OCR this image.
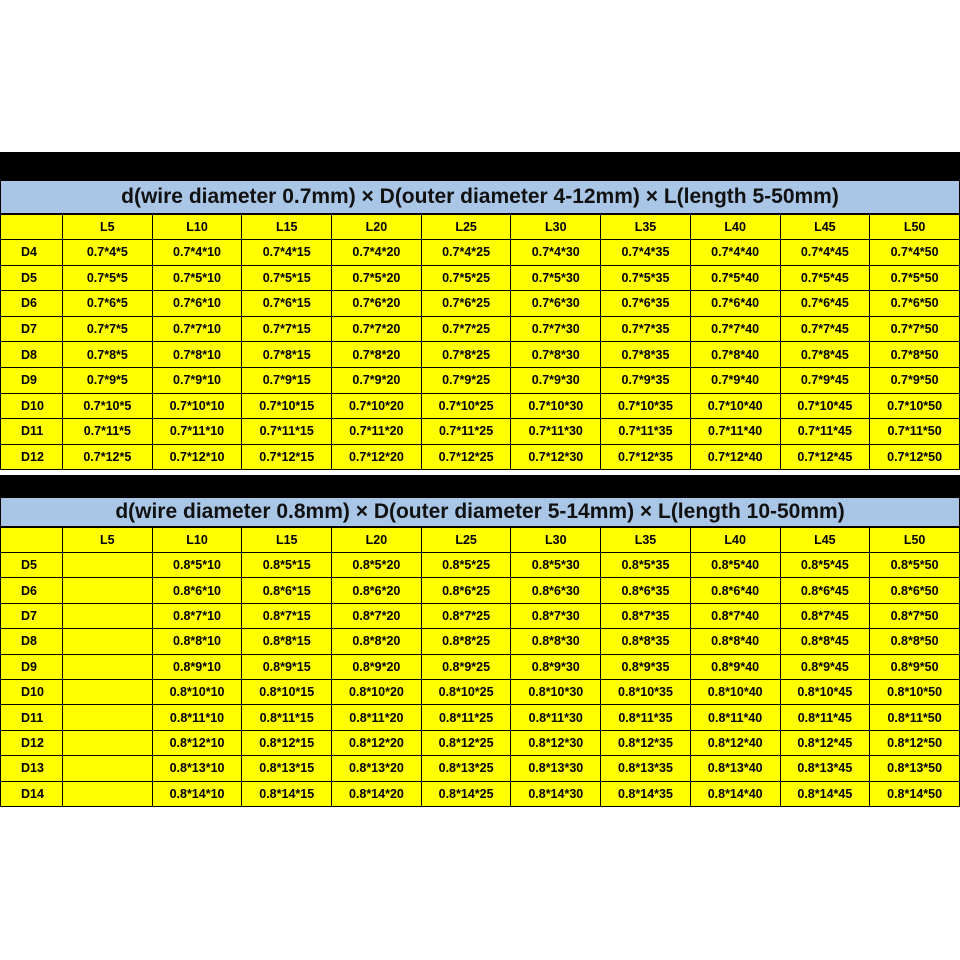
d(wire diameter 0.7mm) × D(outer diameter 4-12mm) × L(length 5-50mm)
	L5	L10	L15	L20	L25	L30	L35	L40	L45	L50
D4	0.7*4*5	0.7*4*10	0.7*4*15	0.7*4*20	0.7*4*25	0.7*4*30	0.7*4*35	0.7*4*40	0.7*4*45	0.7*4*50
D5	0.7*5*5	0.7*5*10	0.7*5*15	0.7*5*20	0.7*5*25	0.7*5*30	0.7*5*35	0.7*5*40	0.7*5*45	0.7*5*50
D6	0.7*6*5	0.7*6*10	0.7*6*15	0.7*6*20	0.7*6*25	0.7*6*30	0.7*6*35	0.7*6*40	0.7*6*45	0.7*6*50
D7	0.7*7*5	0.7*7*10	0.7*7*15	0.7*7*20	0.7*7*25	0.7*7*30	0.7*7*35	0.7*7*40	0.7*7*45	0.7*7*50
D8	0.7*8*5	0.7*8*10	0.7*8*15	0.7*8*20	0.7*8*25	0.7*8*30	0.7*8*35	0.7*8*40	0.7*8*45	0.7*8*50
D9	0.7*9*5	0.7*9*10	0.7*9*15	0.7*9*20	0.7*9*25	0.7*9*30	0.7*9*35	0.7*9*40	0.7*9*45	0.7*9*50
D10	0.7*10*5	0.7*10*10	0.7*10*15	0.7*10*20	0.7*10*25	0.7*10*30	0.7*10*35	0.7*10*40	0.7*10*45	0.7*10*50
D11	0.7*11*5	0.7*11*10	0.7*11*15	0.7*11*20	0.7*11*25	0.7*11*30	0.7*11*35	0.7*11*40	0.7*11*45	0.7*11*50
D12	0.7*12*5	0.7*12*10	0.7*12*15	0.7*12*20	0.7*12*25	0.7*12*30	0.7*12*35	0.7*12*40	0.7*12*45	0.7*12*50
d(wire diameter 0.8mm) × D(outer diameter 5-14mm) × L(length 10-50mm)
	L5	L10	L15	L20	L25	L30	L35	L40	L45	L50
D5		0.8*5*10	0.8*5*15	0.8*5*20	0.8*5*25	0.8*5*30	0.8*5*35	0.8*5*40	0.8*5*45	0.8*5*50
D6		0.8*6*10	0.8*6*15	0.8*6*20	0.8*6*25	0.8*6*30	0.8*6*35	0.8*6*40	0.8*6*45	0.8*6*50
D7		0.8*7*10	0.8*7*15	0.8*7*20	0.8*7*25	0.8*7*30	0.8*7*35	0.8*7*40	0.8*7*45	0.8*7*50
D8		0.8*8*10	0.8*8*15	0.8*8*20	0.8*8*25	0.8*8*30	0.8*8*35	0.8*8*40	0.8*8*45	0.8*8*50
D9		0.8*9*10	0.8*9*15	0.8*9*20	0.8*9*25	0.8*9*30	0.8*9*35	0.8*9*40	0.8*9*45	0.8*9*50
D10		0.8*10*10	0.8*10*15	0.8*10*20	0.8*10*25	0.8*10*30	0.8*10*35	0.8*10*40	0.8*10*45	0.8*10*50
D11		0.8*11*10	0.8*11*15	0.8*11*20	0.8*11*25	0.8*11*30	0.8*11*35	0.8*11*40	0.8*11*45	0.8*11*50
D12		0.8*12*10	0.8*12*15	0.8*12*20	0.8*12*25	0.8*12*30	0.8*12*35	0.8*12*40	0.8*12*45	0.8*12*50
D13		0.8*13*10	0.8*13*15	0.8*13*20	0.8*13*25	0.8*13*30	0.8*13*35	0.8*13*40	0.8*13*45	0.8*13*50
D14		0.8*14*10	0.8*14*15	0.8*14*20	0.8*14*25	0.8*14*30	0.8*14*35	0.8*14*40	0.8*14*45	0.8*14*50
